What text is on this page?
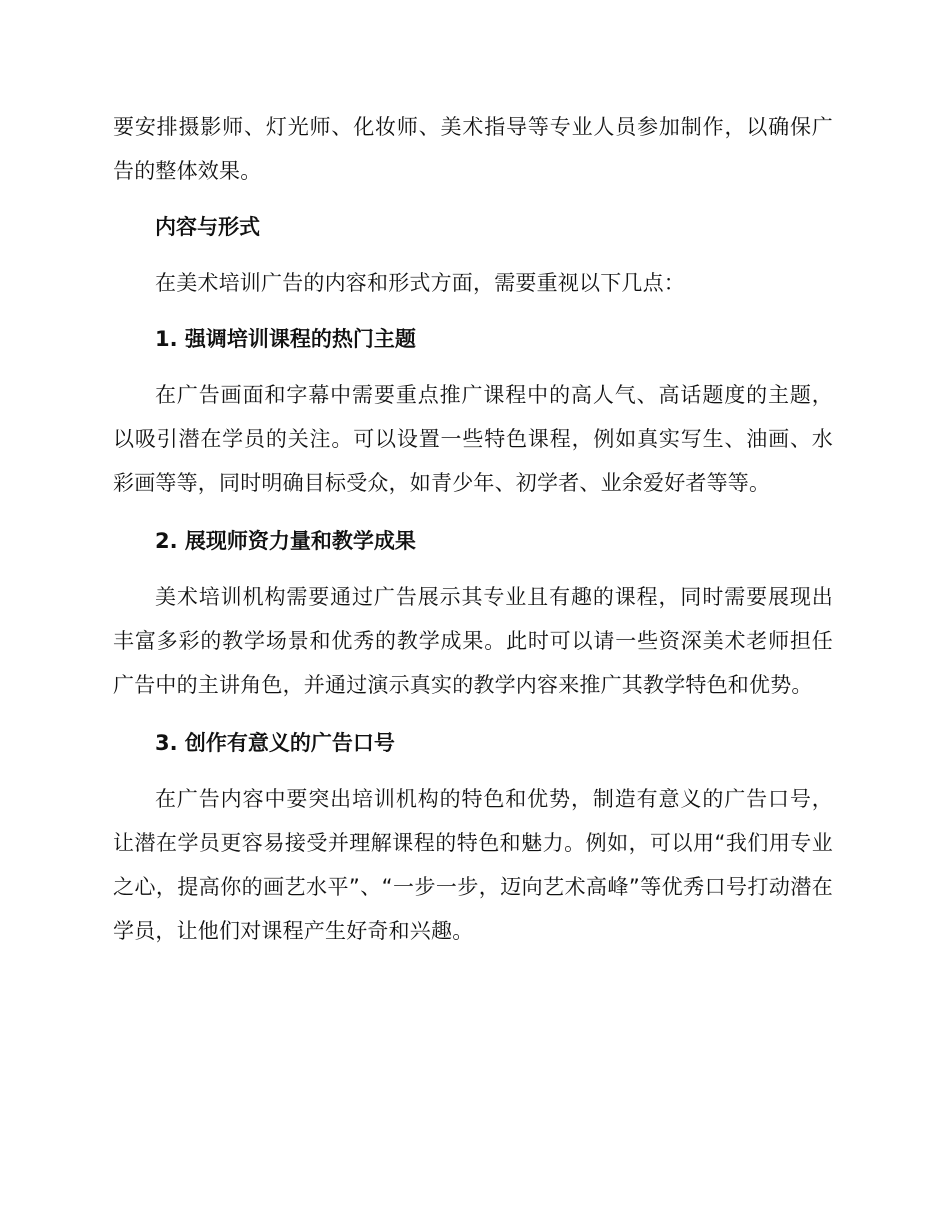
要安排摄影师、灯光师、化妆师、美术指导等专业人员参加制作，以确保广告的整体效果。

内容与形式

在美术培训广告的内容和形式方面，需要重视以下几点：

1. 强调培训课程的热门主题

在广告画面和字幕中需要重点推广课程中的高人气、高话题度的主题，以吸引潜在学员的关注。可以设置一些特色课程，例如真实写生、油画、水彩画等等，同时明确目标受众，如青少年、初学者、业余爱好者等等。

2. 展现师资力量和教学成果

美术培训机构需要通过广告展示其专业且有趣的课程，同时需要展现出丰富多彩的教学场景和优秀的教学成果。此时可以请一些资深美术老师担任广告中的主讲角色，并通过演示真实的教学内容来推广其教学特色和优势。

3. 创作有意义的广告口号

在广告内容中要突出培训机构的特色和优势，制造有意义的广告口号，让潜在学员更容易接受并理解课程的特色和魅力。例如，可以用“我们用专业之心，提高你的画艺水平”、“一步一步，迈向艺术高峰”等优秀口号打动潜在学员，让他们对课程产生好奇和兴趣。
